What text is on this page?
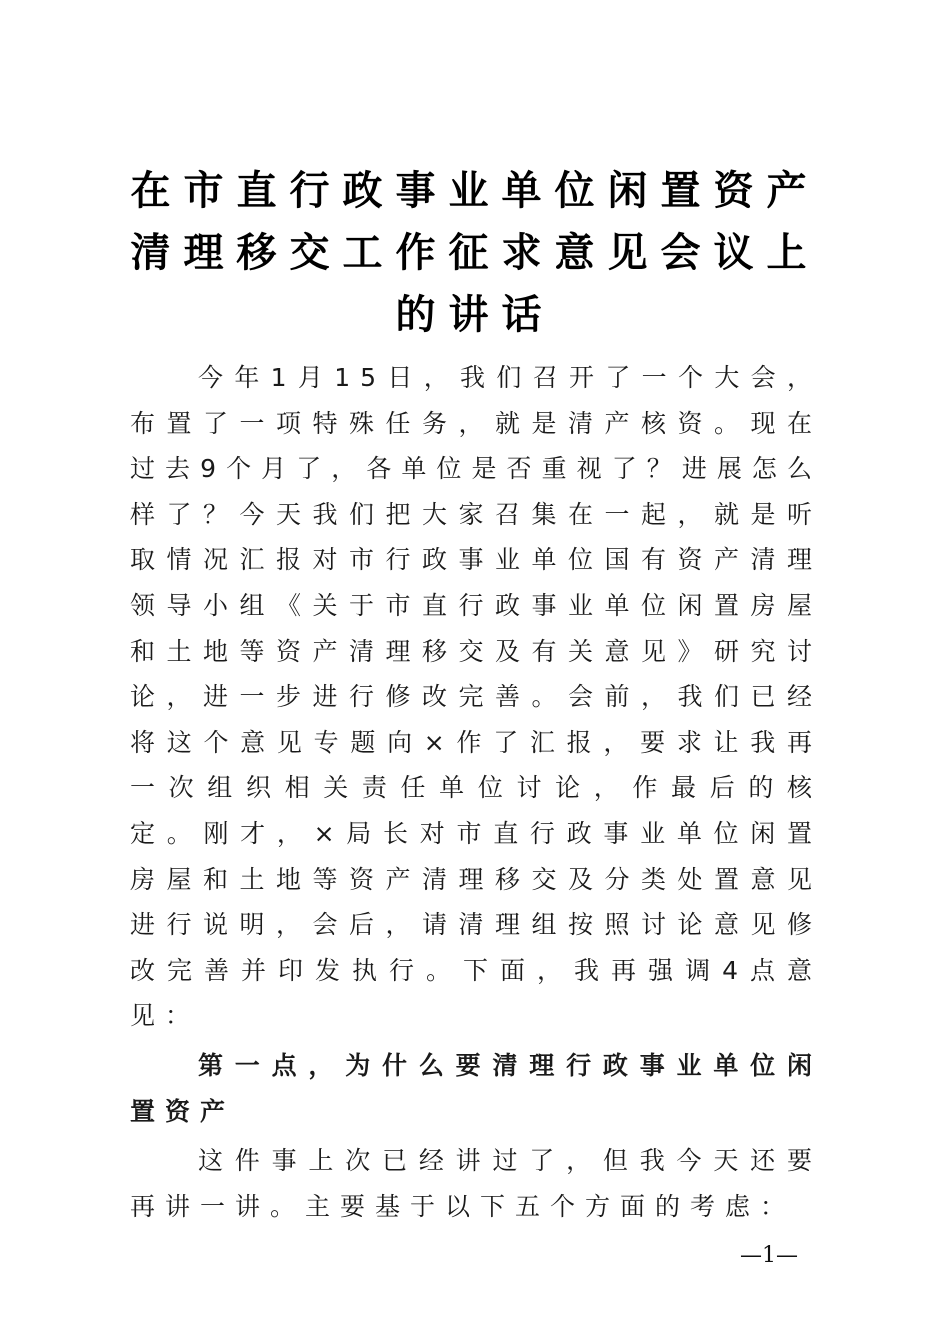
在市直行政事业单位闲置资产
清理移交工作征求意见会议上
的讲话

今年1月15日，我们召开了一个大会，布置了一项特殊任务，就是清产核资。现在过去9个月了，各单位是否重视了？进展怎么样了？今天我们把大家召集在一起，就是听取情况汇报对市行政事业单位国有资产清理领导小组《关于市直行政事业单位闲置房屋和土地等资产清理移交及有关意见》研究讨论，进一步进行修改完善。会前，我们已经将这个意见专题向×作了汇报，要求让我再一次组织相关责任单位讨论，作最后的核定。刚才，×局长对市直行政事业单位闲置房屋和土地等资产清理移交及分类处置意见进行说明，会后，请清理组按照讨论意见修改完善并印发执行。下面，我再强调4点意见：

第一点，为什么要清理行政事业单位闲置资产

这件事上次已经讲过了，但我今天还要再讲一讲。主要基于以下五个方面的考虑：

—1—
